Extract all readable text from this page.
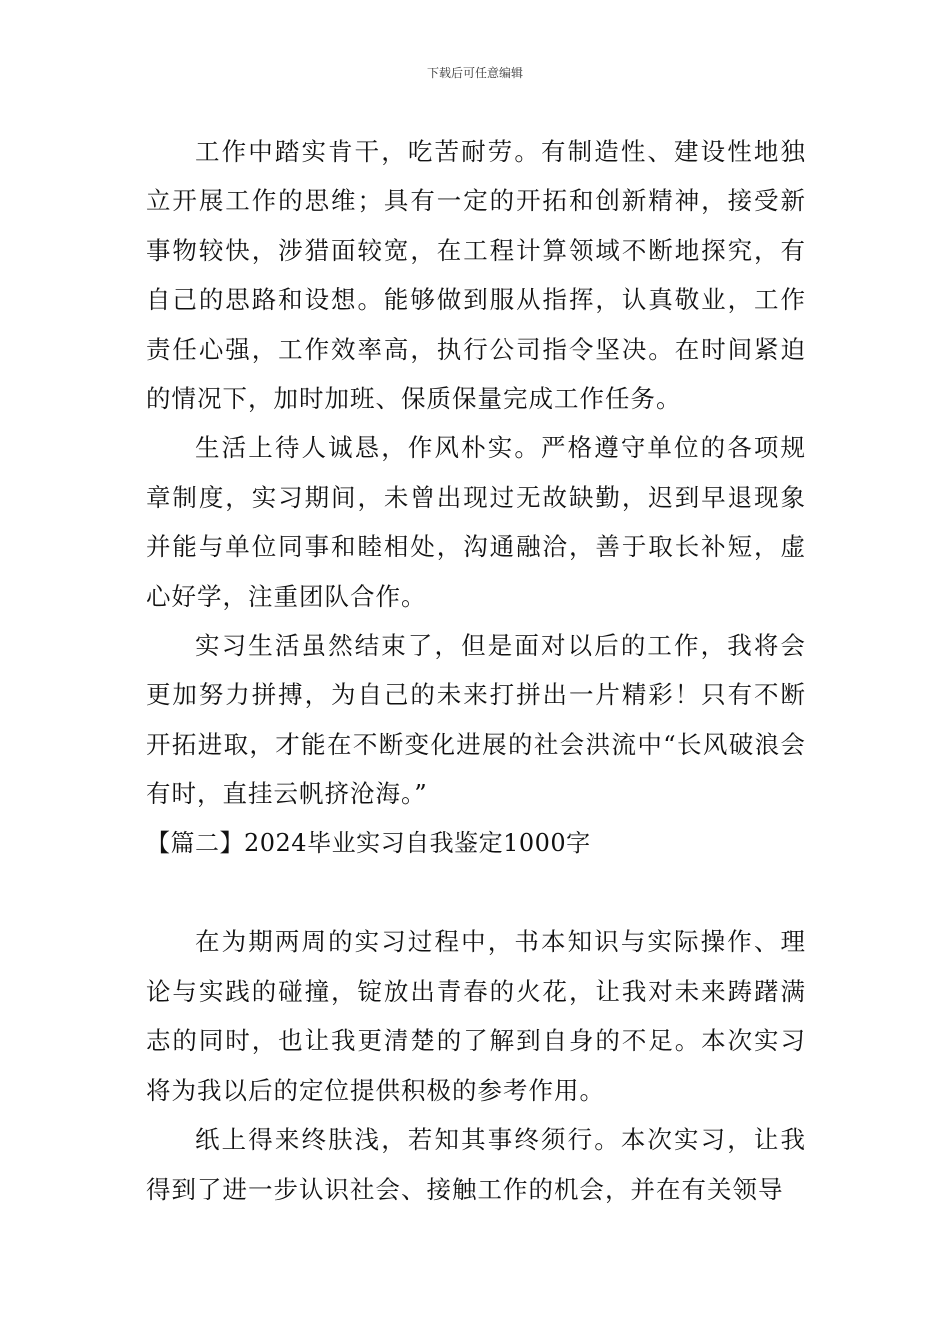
下载后可任意编辑

工作中踏实肯干，吃苦耐劳。有制造性、建设性地独立开展工作的思维；具有一定的开拓和创新精神，接受新事物较快，涉猎面较宽，在工程计算领域不断地探究，有自己的思路和设想。能够做到服从指挥，认真敬业，工作责任心强，工作效率高，执行公司指令坚决。在时间紧迫的情况下，加时加班、保质保量完成工作任务。

生活上待人诚恳，作风朴实。严格遵守单位的各项规章制度，实习期间，未曾出现过无故缺勤，迟到早退现象并能与单位同事和睦相处，沟通融洽，善于取长补短，虚心好学，注重团队合作。

实习生活虽然结束了，但是面对以后的工作，我将会更加努力拼搏，为自己的未来打拼出一片精彩！只有不断开拓进取，才能在不断变化进展的社会洪流中“长风破浪会有时，直挂云帆挤沧海。”

【篇二】2024毕业实习自我鉴定1000字

在为期两周的实习过程中，书本知识与实际操作、理论与实践的碰撞，锭放出青春的火花，让我对未来踌躇满志的同时，也让我更清楚的了解到自身的不足。本次实习将为我以后的定位提供积极的参考作用。

纸上得来终肤浅，若知其事终须行。本次实习，让我得到了进一步认识社会、接触工作的机会，并在有关领导
